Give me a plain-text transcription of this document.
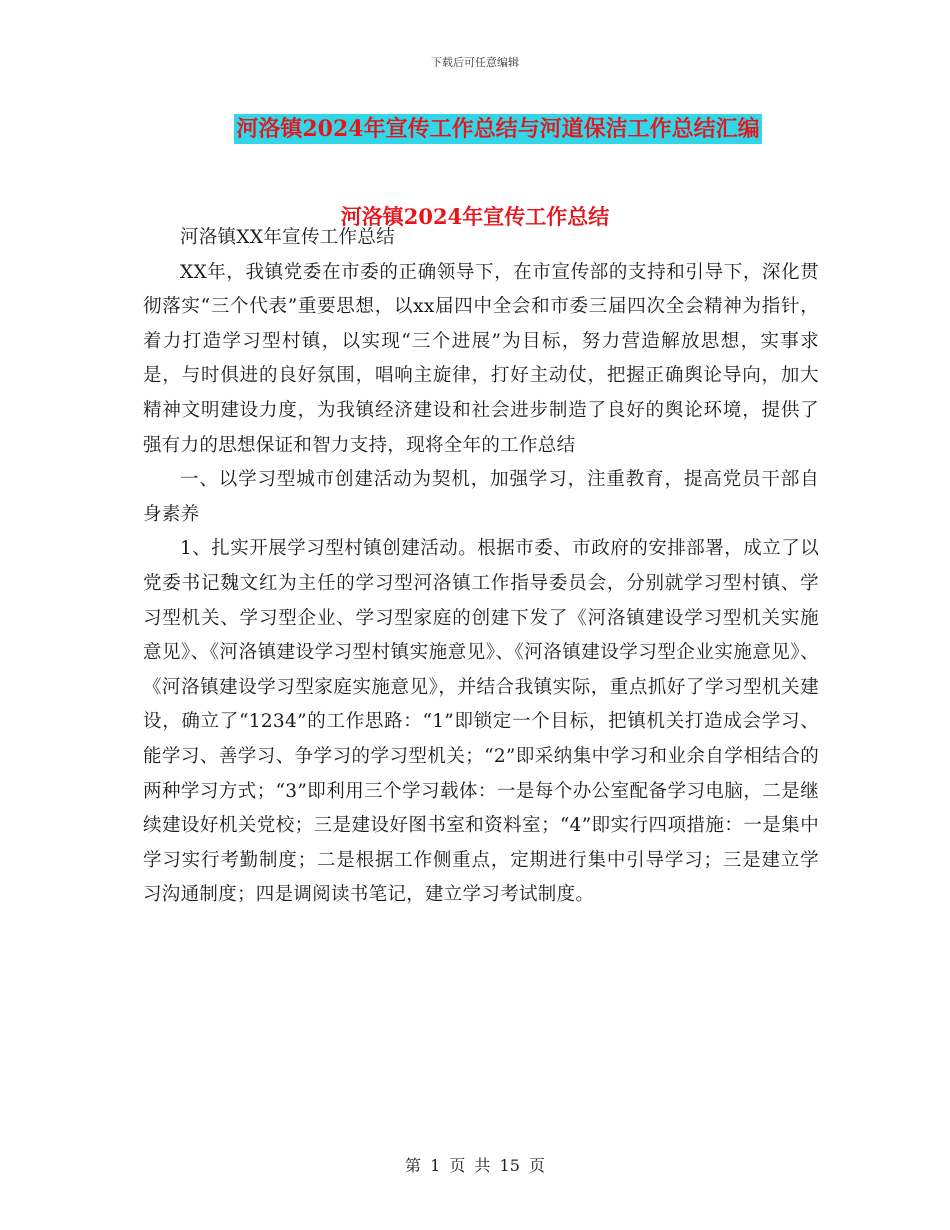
下载后可任意编辑
河洛镇2024年宣传工作总结与河道保洁工作总结汇编
河洛镇2024年宣传工作总结

河洛镇XX年宣传工作总结

XX年，我镇党委在市委的正确领导下，在市宣传部的支持和引导下，深化贯彻落实“三个代表”重要思想，以xx届四中全会和市委三届四次全会精神为指针，着力打造学习型村镇，以实现“三个进展”为目标，努力营造解放思想，实事求是，与时俱进的良好氛围，唱响主旋律，打好主动仗，把握正确舆论导向，加大精神文明建设力度，为我镇经济建设和社会进步制造了良好的舆论环境，提供了强有力的思想保证和智力支持，现将全年的工作总结

一、以学习型城市创建活动为契机，加强学习，注重教育，提高党员干部自身素养

1、扎实开展学习型村镇创建活动。根据市委、市政府的安排部署，成立了以党委书记魏文红为主任的学习型河洛镇工作指导委员会，分别就学习型村镇、学习型机关、学习型企业、学习型家庭的创建下发了《河洛镇建设学习型机关实施意见》、《河洛镇建设学习型村镇实施意见》、《河洛镇建设学习型企业实施意见》、《河洛镇建设学习型家庭实施意见》，并结合我镇实际，重点抓好了学习型机关建设，确立了“1234”的工作思路：“1”即锁定一个目标，把镇机关打造成会学习、能学习、善学习、争学习的学习型机关；“2”即采纳集中学习和业余自学相结合的两种学习方式；“3”即利用三个学习载体：一是每个办公室配备学习电脑，二是继续建设好机关党校；三是建设好图书室和资料室；“4”即实行四项措施：一是集中学习实行考勤制度；二是根据工作侧重点，定期进行集中引导学习；三是建立学习沟通制度；四是调阅读书笔记，建立学习考试制度。

第 1 页 共 15 页
